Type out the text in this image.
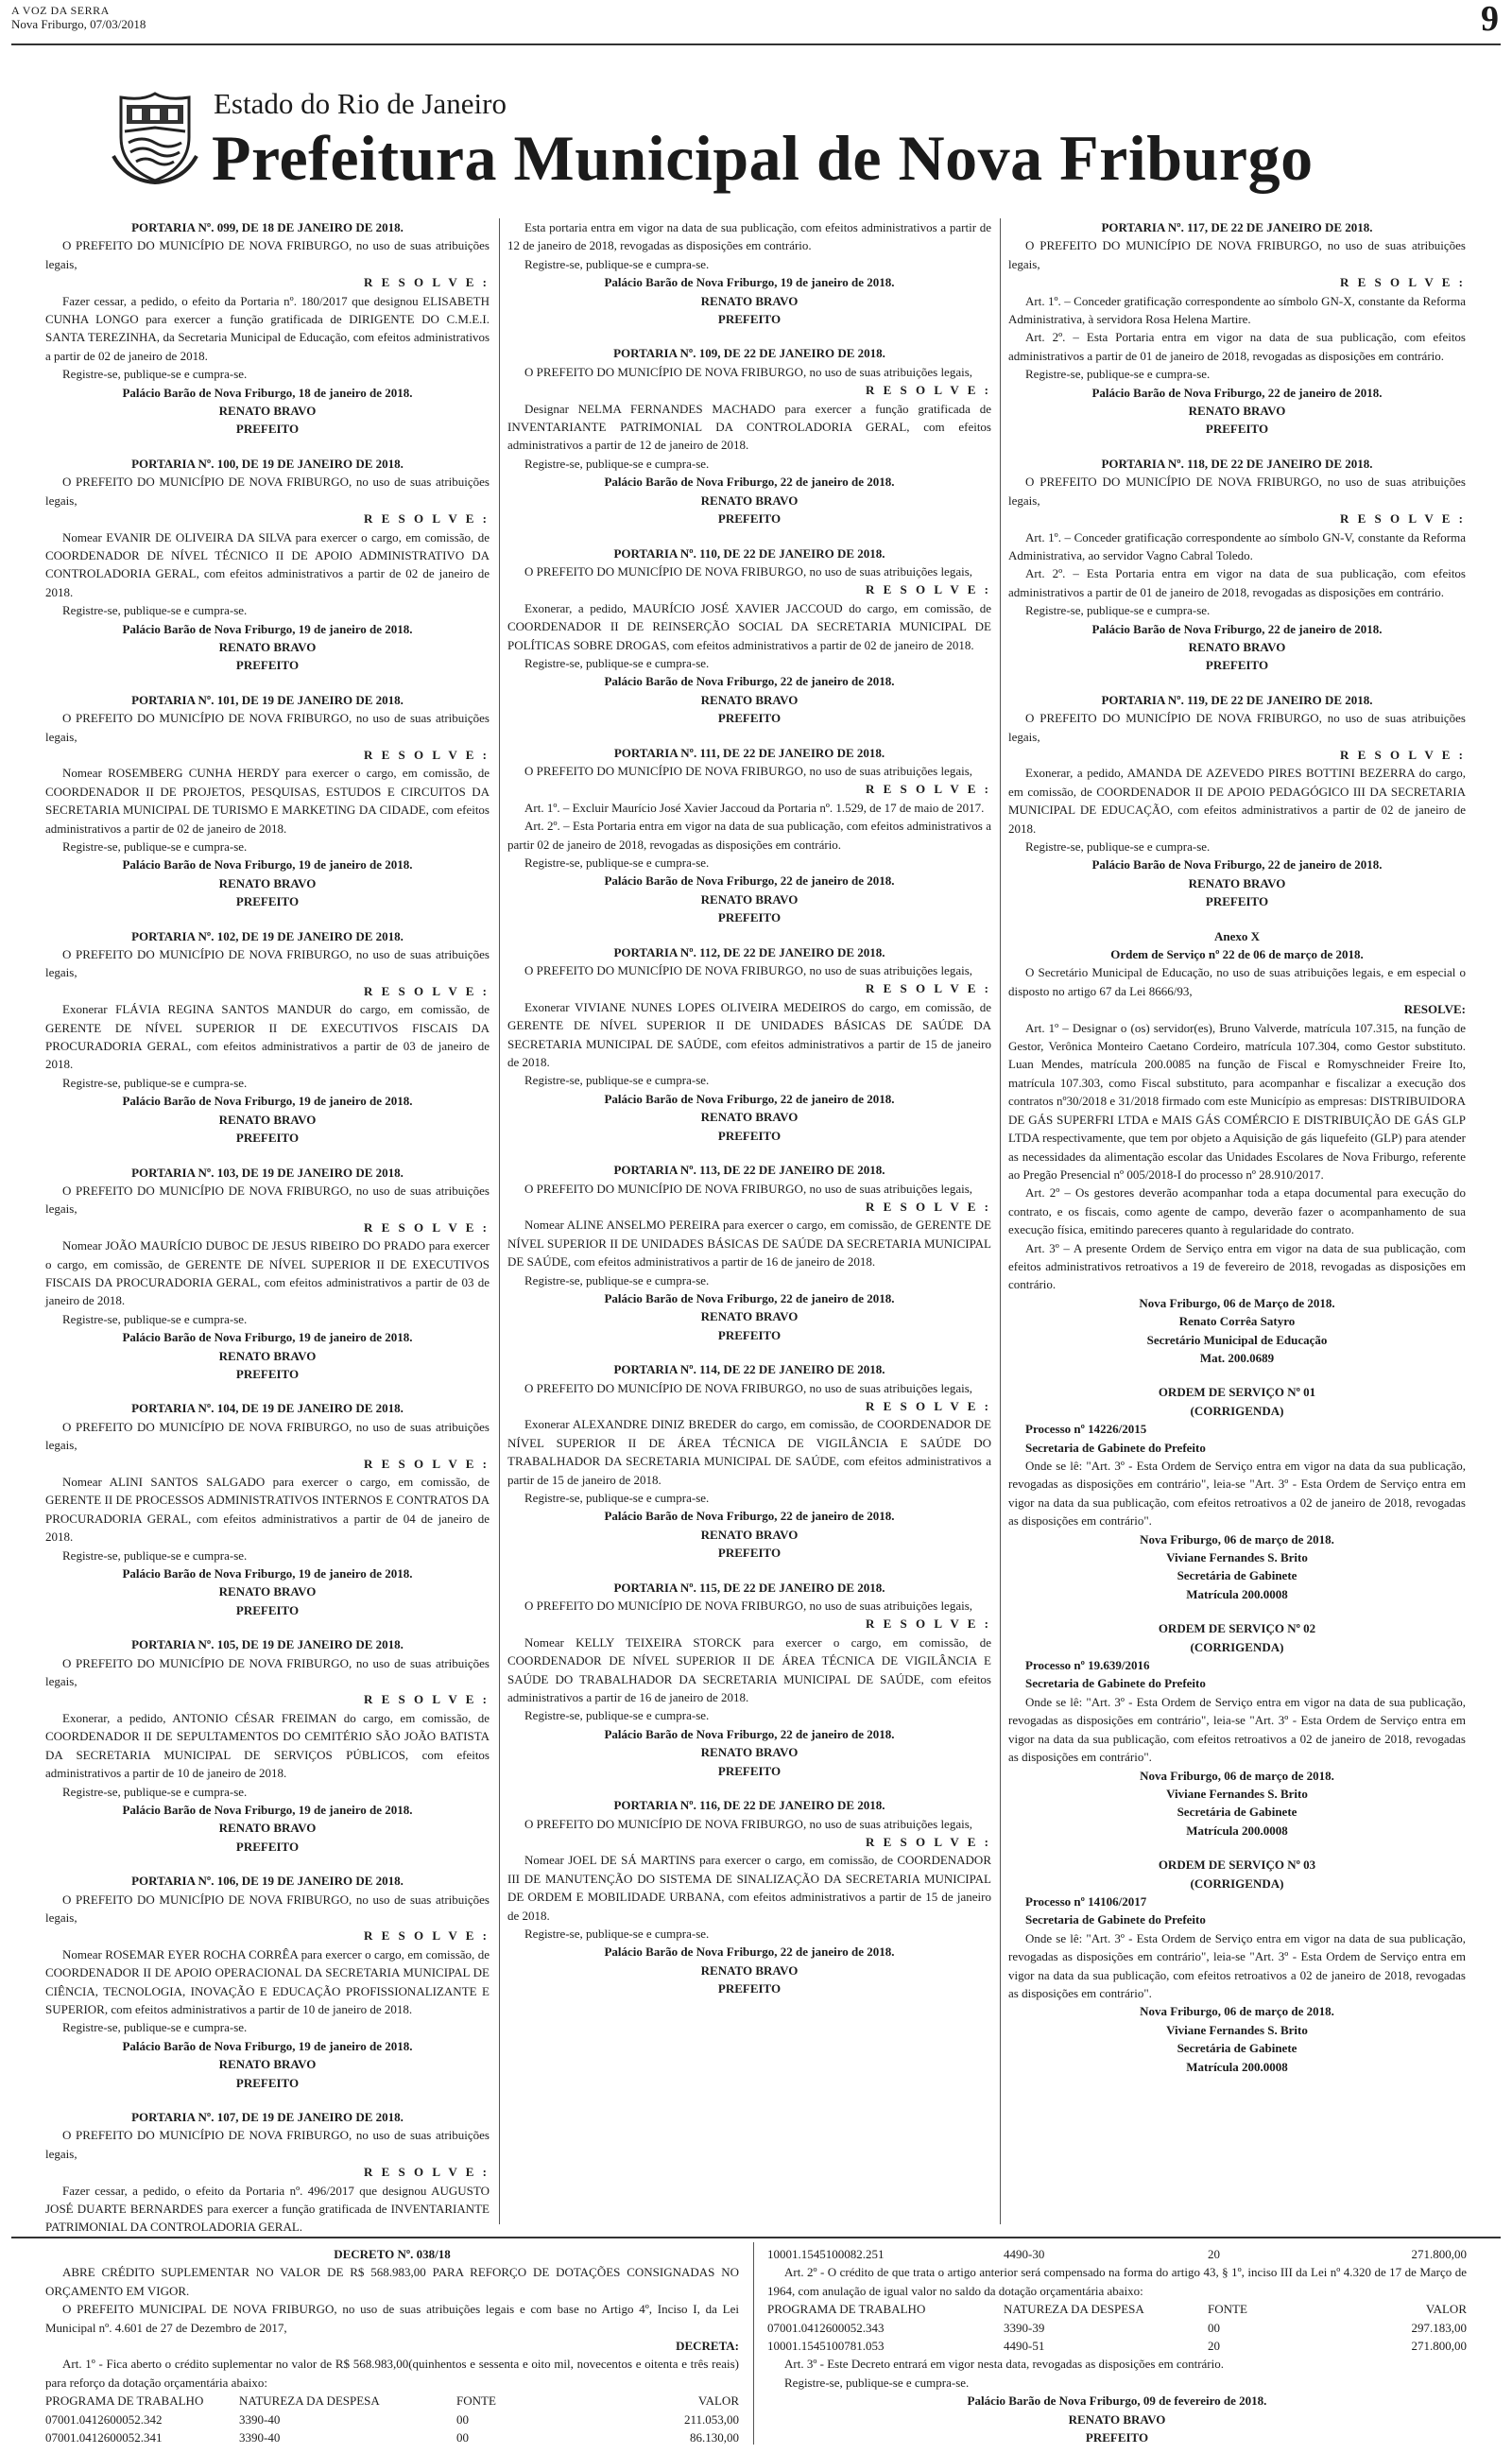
A VOZ DA SERRA
Nova Friburgo, 07/03/2018	9
Estado do Rio de Janeiro
Prefeitura Municipal de Nova Friburgo
PORTARIA Nº. 099, DE 18 DE JANEIRO DE 2018.
O PREFEITO DO MUNICÍPIO DE NOVA FRIBURGO, no uso de suas atribuições legais,
R E S O L V E :
Fazer cessar, a pedido, o efeito da Portaria nº. 180/2017 que designou ELISABETH CUNHA LONGO para exercer a função gratificada de DIRIGENTE DO C.M.E.I. SANTA TEREZINHA, da Secretaria Municipal de Educação, com efeitos administrativos a partir de 02 de janeiro de 2018.
Registre-se, publique-se e cumpra-se.
Palácio Barão de Nova Friburgo, 18 de janeiro de 2018.
RENATO BRAVO
PREFEITO
PORTARIA Nº. 100, DE 19 DE JANEIRO DE 2018.
O PREFEITO DO MUNICÍPIO DE NOVA FRIBURGO, no uso de suas atribuições legais,
R E S O L V E :
Nomear EVANIR DE OLIVEIRA DA SILVA para exercer o cargo, em comissão, de COORDENADOR DE NÍVEL TÉCNICO II DE APOIO ADMINISTRATIVO DA CONTROLADORIA GERAL, com efeitos administrativos a partir de 02 de janeiro de 2018.
Registre-se, publique-se e cumpra-se.
Palácio Barão de Nova Friburgo, 19 de janeiro de 2018.
RENATO BRAVO
PREFEITO
PORTARIA Nº. 101, DE 19 DE JANEIRO DE 2018.
O PREFEITO DO MUNICÍPIO DE NOVA FRIBURGO, no uso de suas atribuições legais,
R E S O L V E :
Nomear ROSEMBERG CUNHA HERDY para exercer o cargo, em comissão, de COORDENADOR II DE PROJETOS, PESQUISAS, ESTUDOS E CIRCUITOS DA SECRETARIA MUNICIPAL DE TURISMO E MARKETING DA CIDADE, com efeitos administrativos a partir de 02 de janeiro de 2018.
Registre-se, publique-se e cumpra-se.
Palácio Barão de Nova Friburgo, 19 de janeiro de 2018.
RENATO BRAVO
PREFEITO
PORTARIA Nº. 102, DE 19 DE JANEIRO DE 2018.
O PREFEITO DO MUNICÍPIO DE NOVA FRIBURGO, no uso de suas atribuições legais,
R E S O L V E :
Exonerar FLÁVIA REGINA SANTOS MANDUR do cargo, em comissão, de GERENTE DE NÍVEL SUPERIOR II DE EXECUTIVOS FISCAIS DA PROCURADORIA GERAL, com efeitos administrativos a partir de 03 de janeiro de 2018.
Registre-se, publique-se e cumpra-se.
Palácio Barão de Nova Friburgo, 19 de janeiro de 2018.
RENATO BRAVO
PREFEITO
PORTARIA Nº. 103, DE 19 DE JANEIRO DE 2018.
O PREFEITO DO MUNICÍPIO DE NOVA FRIBURGO, no uso de suas atribuições legais,
R E S O L V E :
Nomear JOÃO MAURÍCIO DUBOC DE JESUS RIBEIRO DO PRADO para exercer o cargo, em comissão, de GERENTE DE NÍVEL SUPERIOR II DE EXECUTIVOS FISCAIS DA PROCURADORIA GERAL, com efeitos administrativos a partir de 03 de janeiro de 2018.
Registre-se, publique-se e cumpra-se.
Palácio Barão de Nova Friburgo, 19 de janeiro de 2018.
RENATO BRAVO
PREFEITO
PORTARIA Nº. 104, DE 19 DE JANEIRO DE 2018.
O PREFEITO DO MUNICÍPIO DE NOVA FRIBURGO, no uso de suas atribuições legais,
R E S O L V E :
Nomear ALINI SANTOS SALGADO para exercer o cargo, em comissão, de GERENTE II DE PROCESSOS ADMINISTRATIVOS INTERNOS E CONTRATOS DA PROCURADORIA GERAL, com efeitos administrativos a partir de 04 de janeiro de 2018.
Registre-se, publique-se e cumpra-se.
Palácio Barão de Nova Friburgo, 19 de janeiro de 2018.
RENATO BRAVO
PREFEITO
PORTARIA Nº. 105, DE 19 DE JANEIRO DE 2018.
O PREFEITO DO MUNICÍPIO DE NOVA FRIBURGO, no uso de suas atribuições legais,
R E S O L V E :
Exonerar, a pedido, ANTONIO CÉSAR FREIMAN do cargo, em comissão, de COORDENADOR II DE SEPULTAMENTOS DO CEMITÉRIO SÃO JOÃO BATISTA DA SECRETARIA MUNICIPAL DE SERVIÇOS PÚBLICOS, com efeitos administrativos a partir de 10 de janeiro de 2018.
Registre-se, publique-se e cumpra-se.
Palácio Barão de Nova Friburgo, 19 de janeiro de 2018.
RENATO BRAVO
PREFEITO
PORTARIA Nº. 106, DE 19 DE JANEIRO DE 2018.
O PREFEITO DO MUNICÍPIO DE NOVA FRIBURGO, no uso de suas atribuições legais,
R E S O L V E :
Nomear ROSEMAR EYER ROCHA CORRÊA para exercer o cargo, em comissão, de COORDENADOR II DE APOIO OPERACIONAL DA SECRETARIA MUNICIPAL DE CIÊNCIA, TECNOLOGIA, INOVAÇÃO E EDUCAÇÃO PROFISSIONALIZANTE E SUPERIOR, com efeitos administrativos a partir de 10 de janeiro de 2018.
Registre-se, publique-se e cumpra-se.
Palácio Barão de Nova Friburgo, 19 de janeiro de 2018.
RENATO BRAVO
PREFEITO
PORTARIA Nº. 107, DE 19 DE JANEIRO DE 2018.
O PREFEITO DO MUNICÍPIO DE NOVA FRIBURGO, no uso de suas atribuições legais,
R E S O L V E :
Fazer cessar, a pedido, o efeito da Portaria nº. 496/2017 que designou AUGUSTO JOSÉ DUARTE BERNARDES para exercer a função gratificada de INVENTARIANTE PATRIMONIAL DA CONTROLADORIA GERAL.
Esta portaria entra em vigor na data de sua publicação, com efeitos administrativos a partir de 12 de janeiro de 2018, revogadas as disposições em contrário.
Registre-se, publique-se e cumpra-se.
Palácio Barão de Nova Friburgo, 19 de janeiro de 2018.
RENATO BRAVO
PREFEITO
PORTARIA Nº. 109, DE 22 DE JANEIRO DE 2018.
O PREFEITO DO MUNICÍPIO DE NOVA FRIBURGO, no uso de suas atribuições legais,
R E S O L V E :
Designar NELMA FERNANDES MACHADO para exercer a função gratificada de INVENTARIANTE PATRIMONIAL DA CONTROLADORIA GERAL, com efeitos administrativos a partir de 12 de janeiro de 2018.
Registre-se, publique-se e cumpra-se.
Palácio Barão de Nova Friburgo, 22 de janeiro de 2018.
RENATO BRAVO
PREFEITO
PORTARIA Nº. 110, DE 22 DE JANEIRO DE 2018.
O PREFEITO DO MUNICÍPIO DE NOVA FRIBURGO, no uso de suas atribuições legais,
R E S O L V E :
Exonerar, a pedido, MAURÍCIO JOSÉ XAVIER JACCOUD do cargo, em comissão, de COORDENADOR II DE REINSERÇÃO SOCIAL DA SECRETARIA MUNICIPAL DE POLÍTICAS SOBRE DROGAS, com efeitos administrativos a partir de 02 de janeiro de 2018.
Registre-se, publique-se e cumpra-se.
Palácio Barão de Nova Friburgo, 22 de janeiro de 2018.
RENATO BRAVO
PREFEITO
PORTARIA Nº. 111, DE 22 DE JANEIRO DE 2018.
O PREFEITO DO MUNICÍPIO DE NOVA FRIBURGO, no uso de suas atribuições legais,
R E S O L V E :
Art. 1º. – Excluir Maurício José Xavier Jaccoud da Portaria nº. 1.529, de 17 de maio de 2017.
Art. 2º. – Esta Portaria entra em vigor na data de sua publicação, com efeitos administrativos a partir 02 de janeiro de 2018, revogadas as disposições em contrário.
Registre-se, publique-se e cumpra-se.
Palácio Barão de Nova Friburgo, 22 de janeiro de 2018.
RENATO BRAVO
PREFEITO
PORTARIA Nº. 112, DE 22 DE JANEIRO DE 2018.
O PREFEITO DO MUNICÍPIO DE NOVA FRIBURGO, no uso de suas atribuições legais,
R E S O L V E :
Exonerar VIVIANE NUNES LOPES OLIVEIRA MEDEIROS do cargo, em comissão, de GERENTE DE NÍVEL SUPERIOR II DE UNIDADES BÁSICAS DE SAÚDE DA SECRETARIA MUNICIPAL DE SAÚDE, com efeitos administrativos a partir de 15 de janeiro de 2018.
Registre-se, publique-se e cumpra-se.
Palácio Barão de Nova Friburgo, 22 de janeiro de 2018.
RENATO BRAVO
PREFEITO
PORTARIA Nº. 113, DE 22 DE JANEIRO DE 2018.
O PREFEITO DO MUNICÍPIO DE NOVA FRIBURGO, no uso de suas atribuições legais,
R E S O L V E :
Nomear ALINE ANSELMO PEREIRA para exercer o cargo, em comissão, de GERENTE DE NÍVEL SUPERIOR II DE UNIDADES BÁSICAS DE SAÚDE DA SECRETARIA MUNICIPAL DE SAÚDE, com efeitos administrativos a partir de 16 de janeiro de 2018.
Registre-se, publique-se e cumpra-se.
Palácio Barão de Nova Friburgo, 22 de janeiro de 2018.
RENATO BRAVO
PREFEITO
PORTARIA Nº. 114, DE 22 DE JANEIRO DE 2018.
O PREFEITO DO MUNICÍPIO DE NOVA FRIBURGO, no uso de suas atribuições legais,
R E S O L V E :
Exonerar ALEXANDRE DINIZ BREDER do cargo, em comissão, de COORDENADOR DE NÍVEL SUPERIOR II DE ÁREA TÉCNICA DE VIGILÂNCIA E SAÚDE DO TRABALHADOR DA SECRETARIA MUNICIPAL DE SAÚDE, com efeitos administrativos a partir de 15 de janeiro de 2018.
Registre-se, publique-se e cumpra-se.
Palácio Barão de Nova Friburgo, 22 de janeiro de 2018.
RENATO BRAVO
PREFEITO
PORTARIA Nº. 115, DE 22 DE JANEIRO DE 2018.
O PREFEITO DO MUNICÍPIO DE NOVA FRIBURGO, no uso de suas atribuições legais,
R E S O L V E :
Nomear KELLY TEIXEIRA STORCK para exercer o cargo, em comissão, de COORDENADOR DE NÍVEL SUPERIOR II DE ÁREA TÉCNICA DE VIGILÂNCIA E SAÚDE DO TRABALHADOR DA SECRETARIA MUNICIPAL DE SAÚDE, com efeitos administrativos a partir de 16 de janeiro de 2018.
Registre-se, publique-se e cumpra-se.
Palácio Barão de Nova Friburgo, 22 de janeiro de 2018.
RENATO BRAVO
PREFEITO
PORTARIA Nº. 116, DE 22 DE JANEIRO DE 2018.
O PREFEITO DO MUNICÍPIO DE NOVA FRIBURGO, no uso de suas atribuições legais,
R E S O L V E :
Nomear JOEL DE SÁ MARTINS para exercer o cargo, em comissão, de COORDENADOR III DE MANUTENÇÃO DO SISTEMA DE SINALIZAÇÃO DA SECRETARIA MUNICIPAL DE ORDEM E MOBILIDADE URBANA, com efeitos administrativos a partir de 15 de janeiro de 2018.
Registre-se, publique-se e cumpra-se.
Palácio Barão de Nova Friburgo, 22 de janeiro de 2018.
RENATO BRAVO
PREFEITO
PORTARIA Nº. 117, DE 22 DE JANEIRO DE 2018.
O PREFEITO DO MUNICÍPIO DE NOVA FRIBURGO, no uso de suas atribuições legais,
R E S O L V E :
Art. 1º. – Conceder gratificação correspondente ao símbolo GN-X, constante da Reforma Administrativa, à servidora Rosa Helena Martire.
Art. 2º. – Esta Portaria entra em vigor na data de sua publicação, com efeitos administrativos a partir de 01 de janeiro de 2018, revogadas as disposições em contrário.
Registre-se, publique-se e cumpra-se.
Palácio Barão de Nova Friburgo, 22 de janeiro de 2018.
RENATO BRAVO
PREFEITO
PORTARIA Nº. 118, DE 22 DE JANEIRO DE 2018.
O PREFEITO DO MUNICÍPIO DE NOVA FRIBURGO, no uso de suas atribuições legais,
R E S O L V E :
Art. 1º. – Conceder gratificação correspondente ao símbolo GN-V, constante da Reforma Administrativa, ao servidor Vagno Cabral Toledo.
Art. 2º. – Esta Portaria entra em vigor na data de sua publicação, com efeitos administrativos a partir de 01 de janeiro de 2018, revogadas as disposições em contrário.
Registre-se, publique-se e cumpra-se.
Palácio Barão de Nova Friburgo, 22 de janeiro de 2018.
RENATO BRAVO
PREFEITO
PORTARIA Nº. 119, DE 22 DE JANEIRO DE 2018.
O PREFEITO DO MUNICÍPIO DE NOVA FRIBURGO, no uso de suas atribuições legais,
R E S O L V E :
Exonerar, a pedido, AMANDA DE AZEVEDO PIRES BOTTINI BEZERRA do cargo, em comissão, de COORDENADOR II DE APOIO PEDAGÓGICO III DA SECRETARIA MUNICIPAL DE EDUCAÇÃO, com efeitos administrativos a partir de 02 de janeiro de 2018.
Registre-se, publique-se e cumpra-se.
Palácio Barão de Nova Friburgo, 22 de janeiro de 2018.
RENATO BRAVO
PREFEITO
Anexo X
Ordem de Serviço nº 22 de 06 de março de 2018.
O Secretário Municipal de Educação, no uso de suas atribuições legais, e em especial o disposto no artigo 67 da Lei 8666/93,
RESOLVE:
Art. 1º – Designar o (os) servidor(es), Bruno Valverde, matrícula 107.315, na função de Gestor, Verônica Monteiro Caetano Cordeiro, matrícula 107.304, como Gestor substituto. Luan Mendes, matrícula 200.0085 na função de Fiscal e Romyschneider Freire Ito, matrícula 107.303, como Fiscal substituto, para acompanhar e fiscalizar a execução dos contratos nº30/2018 e 31/2018 firmado com este Município as empresas: DISTRIBUIDORA DE GÁS SUPERFRI LTDA e MAIS GÁS COMÉRCIO E DISTRIBUIÇÃO DE GÁS GLP LTDA respectivamente, que tem por objeto a Aquisição de gás liquefeito (GLP) para atender as necessidades da alimentação escolar das Unidades Escolares de Nova Friburgo, referente ao Pregão Presencial nº 005/2018-I do processo nº 28.910/2017.
Art. 2º – Os gestores deverão acompanhar toda a etapa documental para execução do contrato, e os fiscais, como agente de campo, deverão fazer o acompanhamento de sua execução física, emitindo pareceres quanto à regularidade do contrato.
Art. 3º – A presente Ordem de Serviço entra em vigor na data de sua publicação, com efeitos administrativos retroativos a 19 de fevereiro de 2018, revogadas as disposições em contrário.
Nova Friburgo, 06 de Março de 2018.
Renato Corrêa Satyro
Secretário Municipal de Educação
Mat. 200.0689
ORDEM DE SERVIÇO Nº 01
(CORRIGENDA)
Processo nº 14226/2015
Secretaria de Gabinete do Prefeito
Onde se lê: "Art. 3º - Esta Ordem de Serviço entra em vigor na data da sua publicação, revogadas as disposições em contrário", leia-se "Art. 3º - Esta Ordem de Serviço entra em vigor na data da sua publicação, com efeitos retroativos a 02 de janeiro de 2018, revogadas as disposições em contrário".
Nova Friburgo, 06 de março de 2018.
Viviane Fernandes S. Brito
Secretária de Gabinete
Matrícula 200.0008
ORDEM DE SERVIÇO Nº 02
(CORRIGENDA)
Processo nº 19.639/2016
Secretaria de Gabinete do Prefeito
Onde se lê: "Art. 3º - Esta Ordem de Serviço entra em vigor na data de sua publicação, revogadas as disposições em contrário", leia-se "Art. 3º - Esta Ordem de Serviço entra em vigor na data da sua publicação, com efeitos retroativos a 02 de janeiro de 2018, revogadas as disposições em contrário".
Nova Friburgo, 06 de março de 2018.
Viviane Fernandes S. Brito
Secretária de Gabinete
Matrícula 200.0008
ORDEM DE SERVIÇO Nº 03
(CORRIGENDA)
Processo nº 14106/2017
Secretaria de Gabinete do Prefeito
Onde se lê: "Art. 3º - Esta Ordem de Serviço entra em vigor na data de sua publicação, revogadas as disposições em contrário", leia-se "Art. 3º - Esta Ordem de Serviço entra em vigor na data da sua publicação, com efeitos retroativos a 02 de janeiro de 2018, revogadas as disposições em contrário".
Nova Friburgo, 06 de março de 2018.
Viviane Fernandes S. Brito
Secretária de Gabinete
Matrícula 200.0008
DECRETO Nº. 038/18
ABRE CRÉDITO SUPLEMENTAR NO VALOR DE R$ 568.983,00 PARA REFORÇO DE DOTAÇÕES CONSIGNADAS NO ORÇAMENTO EM VIGOR.
O PREFEITO MUNICIPAL DE NOVA FRIBURGO, no uso de suas atribuições legais e com base no Artigo 4º, Inciso I, da Lei Municipal nº. 4.601 de 27 de Dezembro de 2017,
DECRETA:
Art. 1º - Fica aberto o crédito suplementar no valor de R$ 568.983,00(quinhentos e sessenta e oito mil, novecentos e oitenta e três reais) para reforço da dotação orçamentária abaixo:
PROGRAMA DE TRABALHO	NATUREZA DA DESPESA	FONTE	VALOR
07001.0412600052.342	3390-40	00	211.053,00
07001.0412600052.341	3390-40	00	86.130,00
10001.1545100082.251	4490-30	20	271.800,00
Art. 2º - O crédito de que trata o artigo anterior será compensado na forma do artigo 43, § 1º, inciso III da Lei nº 4.320 de 17 de Março de 1964, com anulação de igual valor no saldo da dotação orçamentária abaixo:
PROGRAMA DE TRABALHO	NATUREZA DA DESPESA	FONTE	VALOR
07001.0412600052.343	3390-39	00	297.183,00
10001.1545100781.053	4490-51	20	271.800,00
Art. 3º - Este Decreto entrará em vigor nesta data, revogadas as disposições em contrário.
Registre-se, publique-se e cumpra-se.
Palácio Barão de Nova Friburgo, 09 de fevereiro de 2018.
RENATO BRAVO
PREFEITO
